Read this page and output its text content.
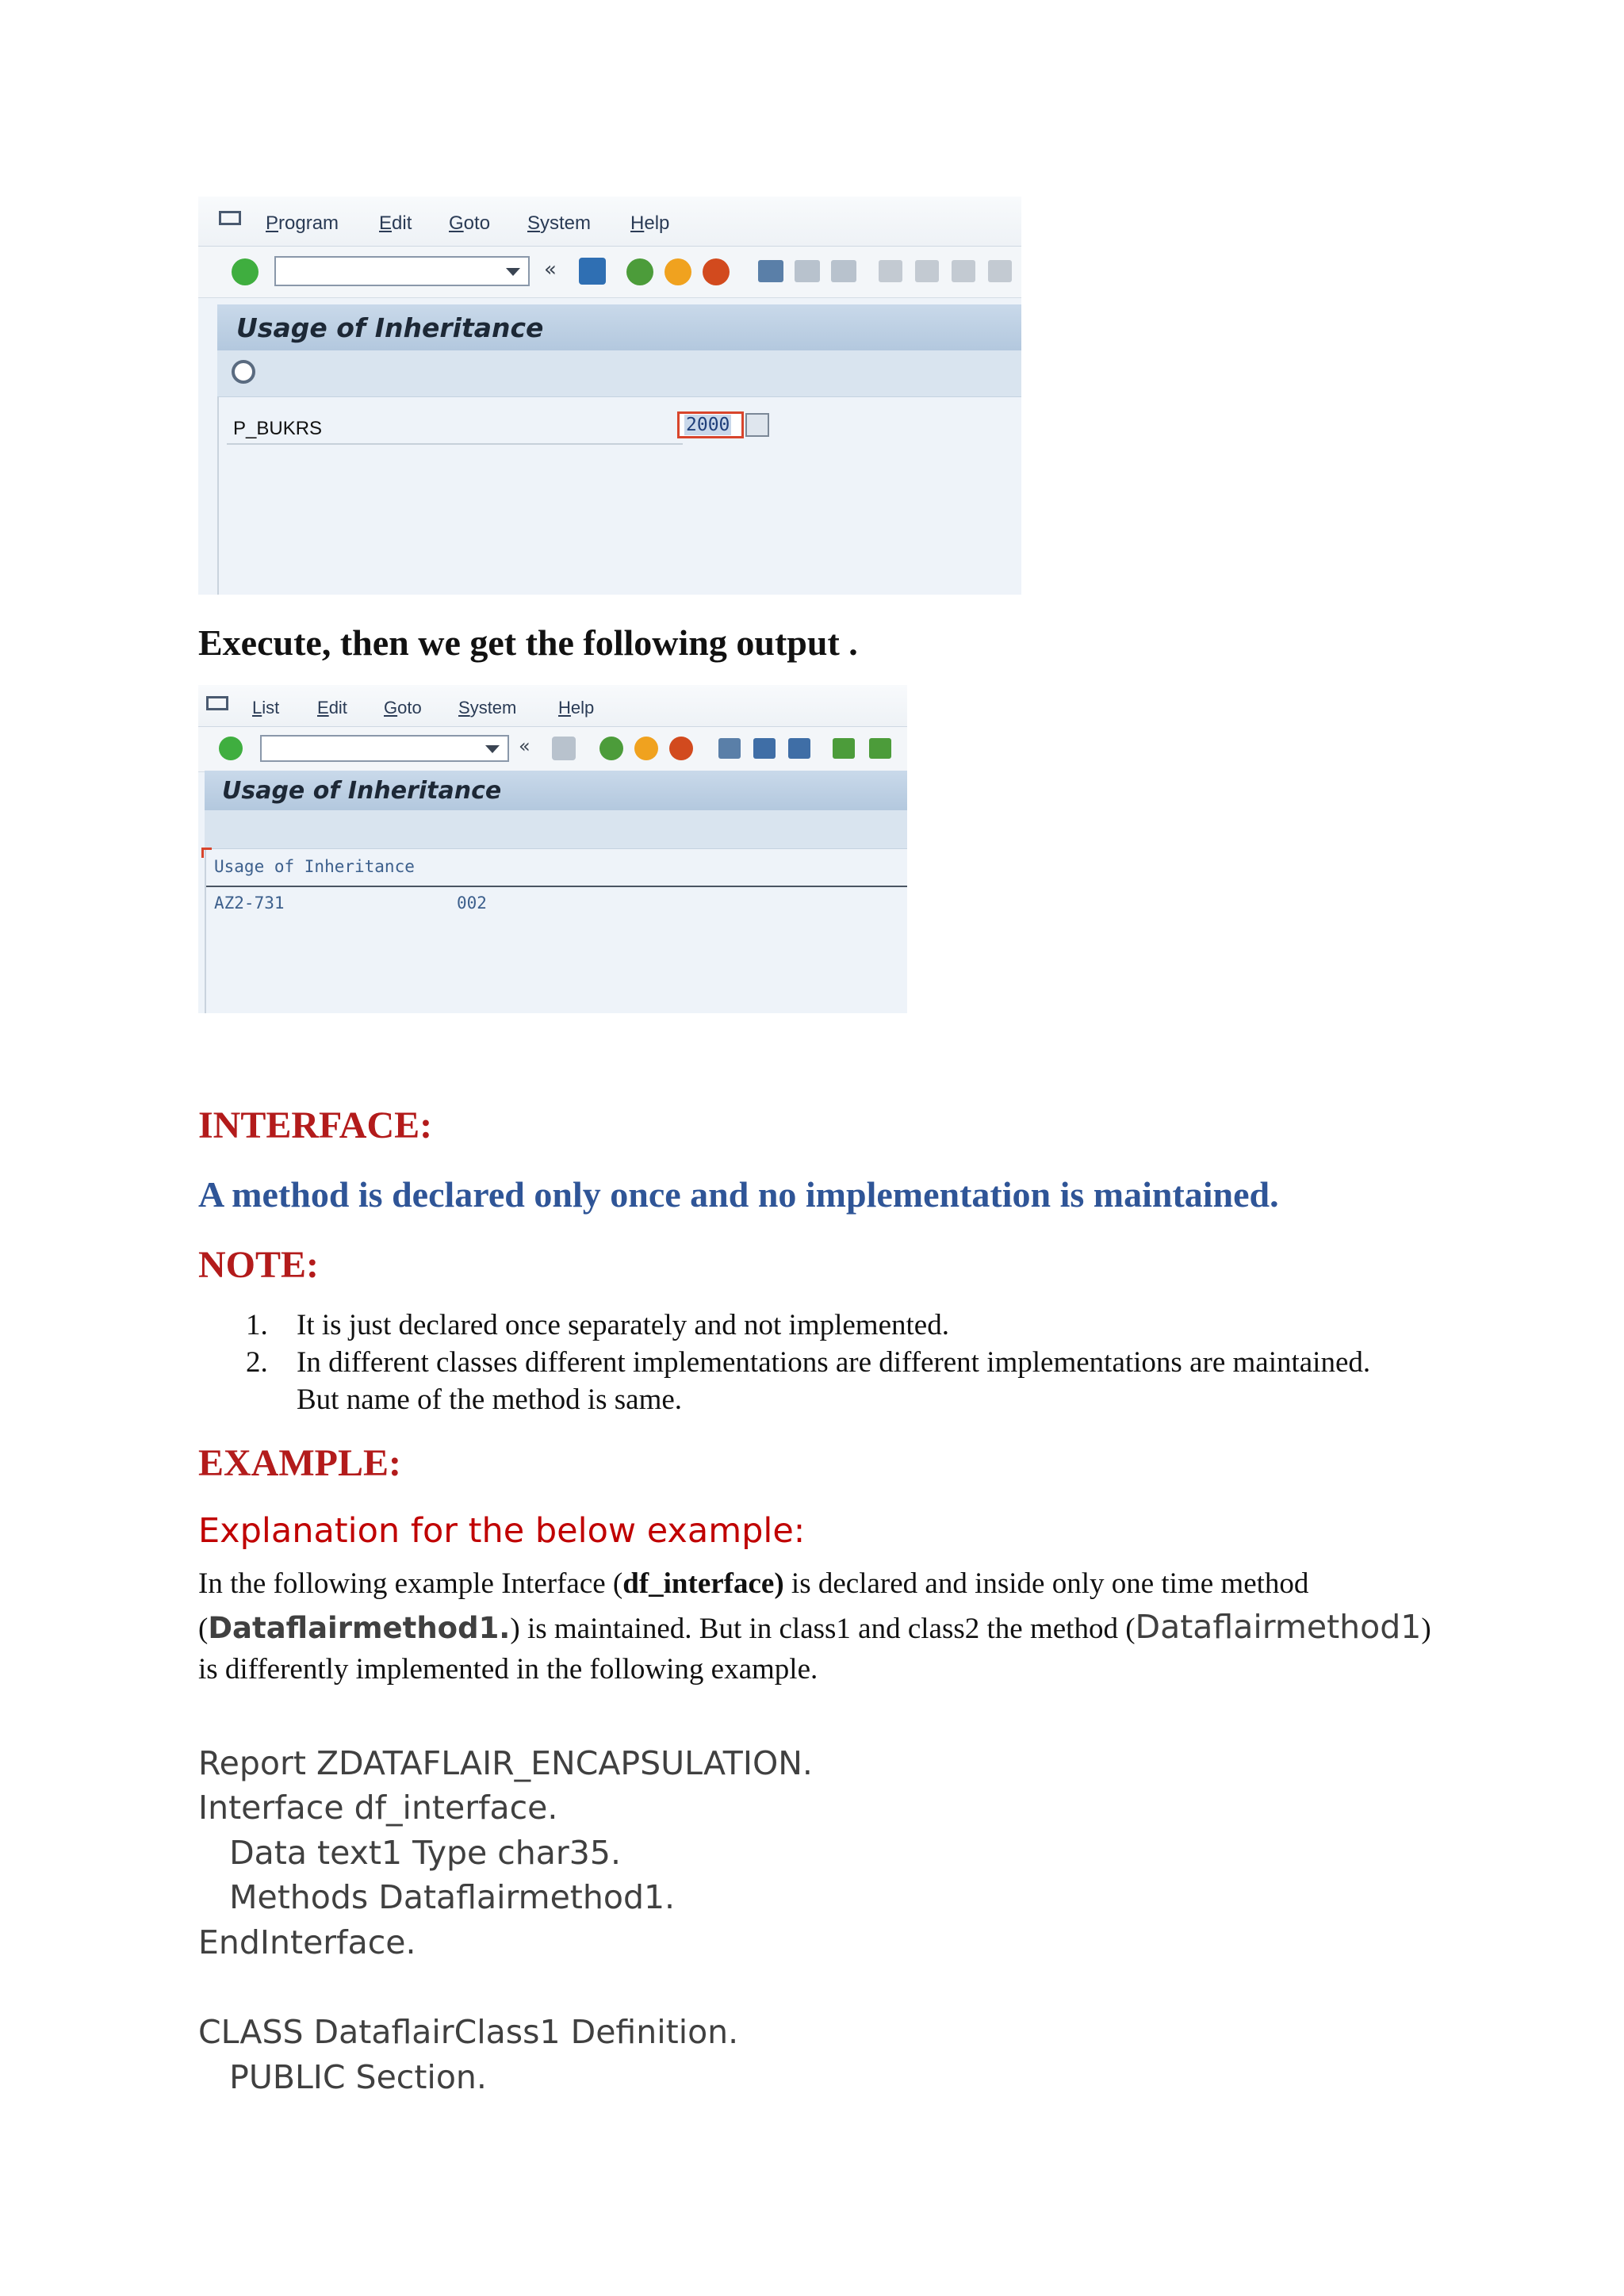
Program Edit Goto System Help
«
Usage of Inheritance
P_BUKRS	2000
Execute, then we get the following output .
List Edit Goto System Help
«
Usage of Inheritance
Usage of Inheritance
AZ2-731	002
INTERFACE:
A method is declared only once and no implementation is maintained.
NOTE:
1. It is just declared once separately and not implemented.
2. In different classes different implementations are different implementations are maintained.
But name of the method is same.
EXAMPLE:
Explanation for the below example:
In the following example Interface (df_interface) is declared and inside only one time method
(Dataflairmethod1.) is maintained. But in class1 and class2 the method (Dataflairmethod1)
is differently implemented in the following example.
Report ZDATAFLAIR_ENCAPSULATION.
Interface df_interface.
Data text1 Type char35.
Methods Dataflairmethod1.
EndInterface.
CLASS DataflairClass1 Definition.
PUBLIC Section.
